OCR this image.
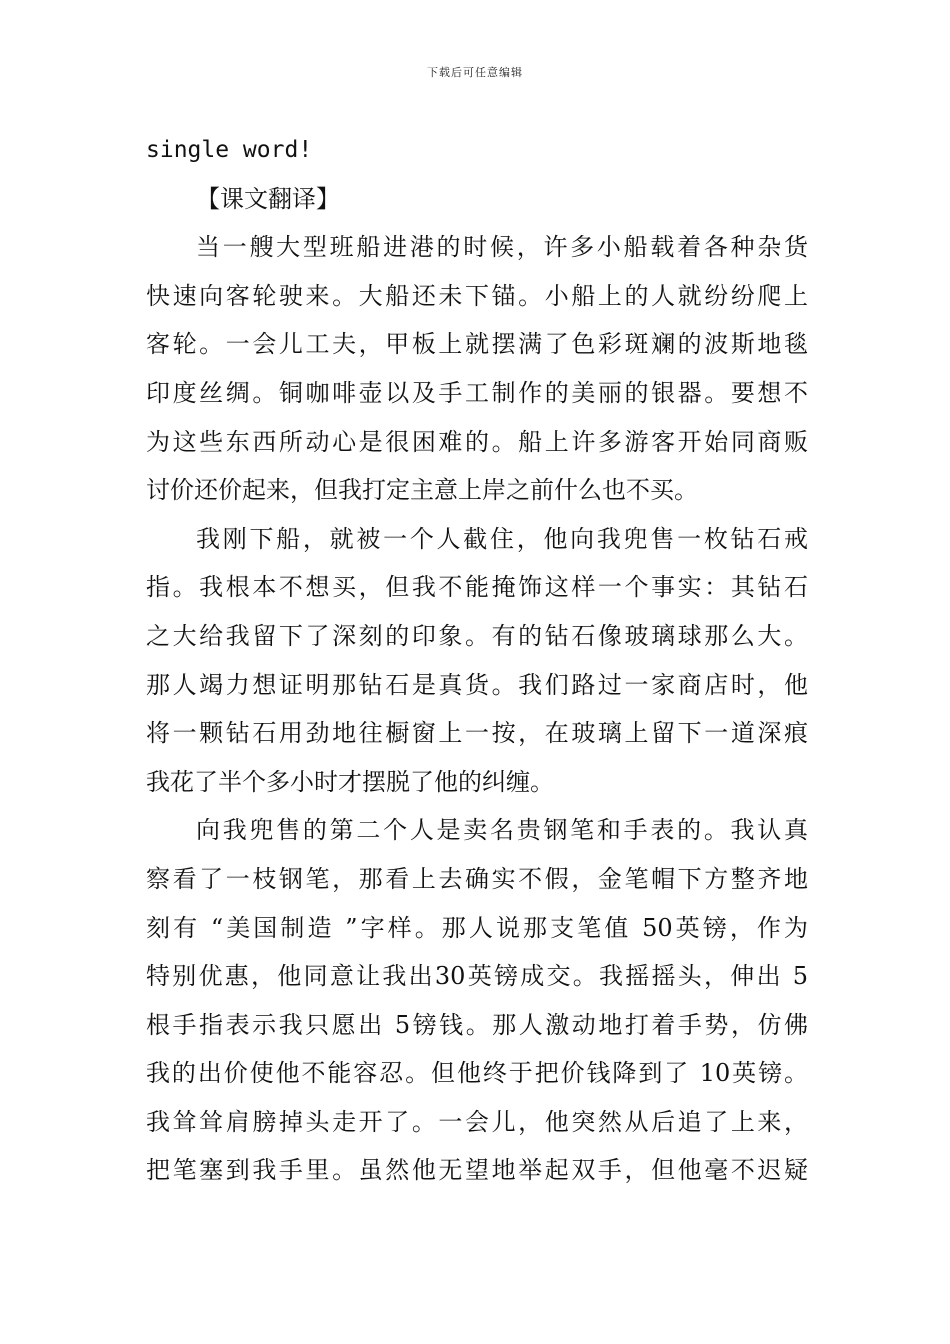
下载后可任意编辑
single word!
【课文翻译】
当一艘大型班船进港的时候，许多小船载着各种杂货
快速向客轮驶来。大船还未下锚。小船上的人就纷纷爬上
客轮。一会儿工夫，甲板上就摆满了色彩斑斓的波斯地毯
印度丝绸。铜咖啡壶以及手工制作的美丽的银器。要想不
为这些东西所动心是很困难的。船上许多游客开始同商贩
讨价还价起来，但我打定主意上岸之前什么也不买。
我刚下船，就被一个人截住，他向我兜售一枚钻石戒
指。我根本不想买，但我不能掩饰这样一个事实：其钻石
之大给我留下了深刻的印象。有的钻石像玻璃球那么大。
那人竭力想证明那钻石是真货。我们路过一家商店时，他
将一颗钻石用劲地往橱窗上一按，在玻璃上留下一道深痕
我花了半个多小时才摆脱了他的纠缠。
向我兜售的第二个人是卖名贵钢笔和手表的。我认真
察看了一枝钢笔，那看上去确实不假，金笔帽下方整齐地
刻有 “美国制造 ”字样。那人说那支笔值 50英镑，作为
特别优惠，他同意让我出30英镑成交。我摇摇头，伸出 5
根手指表示我只愿出 5镑钱。那人激动地打着手势，仿佛
我的出价使他不能容忍。但他终于把价钱降到了 10英镑。
我耸耸肩膀掉头走开了。一会儿，他突然从后追了上来，
把笔塞到我手里。虽然他无望地举起双手，但他毫不迟疑
